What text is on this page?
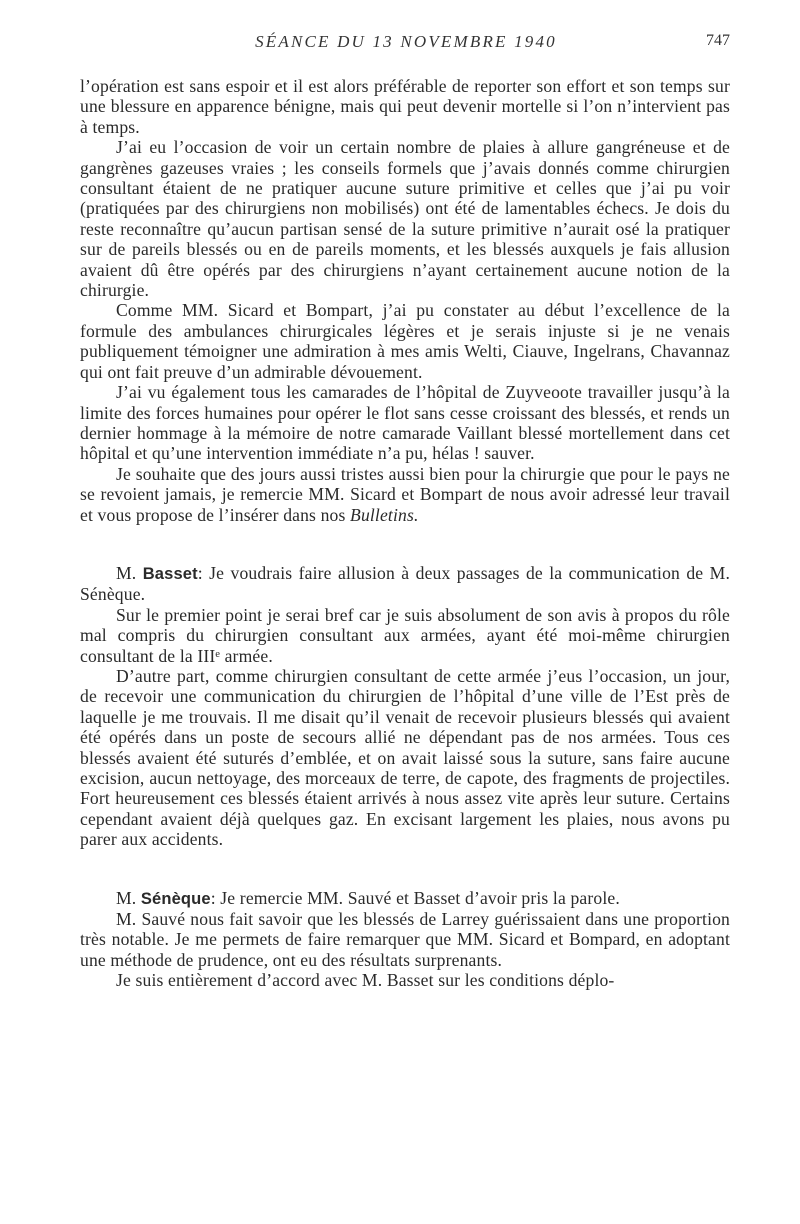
SÉANCE DU 13 NOVEMBRE 1940	747

l’opération est sans espoir et il est alors préférable de reporter son effort et son temps sur une blessure en apparence bénigne, mais qui peut devenir mortelle si l’on n’intervient pas à temps.

J’ai eu l’occasion de voir un certain nombre de plaies à allure gangréneuse et de gangrènes gazeuses vraies ; les conseils formels que j’avais donnés comme chirurgien consultant étaient de ne pratiquer aucune suture primitive et celles que j’ai pu voir (pratiquées par des chirurgiens non mobilisés) ont été de lamentables échecs. Je dois du reste reconnaître qu’aucun partisan sensé de la suture primitive n’aurait osé la pratiquer sur de pareils blessés ou en de pareils moments, et les blessés auxquels je fais allusion avaient dû être opérés par des chirurgiens n’ayant certainement aucune notion de la chirurgie.

Comme MM. Sicard et Bompart, j’ai pu constater au début l’excellence de la formule des ambulances chirurgicales légères et je serais injuste si je ne venais publiquement témoigner une admiration à mes amis Welti, Ciauve, Ingelrans, Chavannaz qui ont fait preuve d’un admirable dévouement.

J’ai vu également tous les camarades de l’hôpital de Zuyveoote travailler jusqu’à la limite des forces humaines pour opérer le flot sans cesse croissant des blessés, et rends un dernier hommage à la mémoire de notre camarade Vaillant blessé mortellement dans cet hôpital et qu’une intervention immédiate n’a pu, hélas ! sauver.

Je souhaite que des jours aussi tristes aussi bien pour la chirurgie que pour le pays ne se revoient jamais, je remercie MM. Sicard et Bompart de nous avoir adressé leur travail et vous propose de l’insérer dans nos Bulletins.

M. Basset: Je voudrais faire allusion à deux passages de la communication de M. Sénèque.

Sur le premier point je serai bref car je suis absolument de son avis à propos du rôle mal compris du chirurgien consultant aux armées, ayant été moi-même chirurgien consultant de la IIIᵉ armée.

D’autre part, comme chirurgien consultant de cette armée j’eus l’occasion, un jour, de recevoir une communication du chirurgien de l’hôpital d’une ville de l’Est près de laquelle je me trouvais. Il me disait qu’il venait de recevoir plusieurs blessés qui avaient été opérés dans un poste de secours allié ne dépendant pas de nos armées. Tous ces blessés avaient été suturés d’emblée, et on avait laissé sous la suture, sans faire aucune excision, aucun nettoyage, des morceaux de terre, de capote, des fragments de projectiles. Fort heureusement ces blessés étaient arrivés à nous assez vite après leur suture. Certains cependant avaient déjà quelques gaz. En excisant largement les plaies, nous avons pu parer aux accidents.

M. Sénèque: Je remercie MM. Sauvé et Basset d’avoir pris la parole.

M. Sauvé nous fait savoir que les blessés de Larrey guérissaient dans une proportion très notable. Je me permets de faire remarquer que MM. Sicard et Bompard, en adoptant une méthode de prudence, ont eu des résultats surprenants.

Je suis entièrement d’accord avec M. Basset sur les conditions déplo-
